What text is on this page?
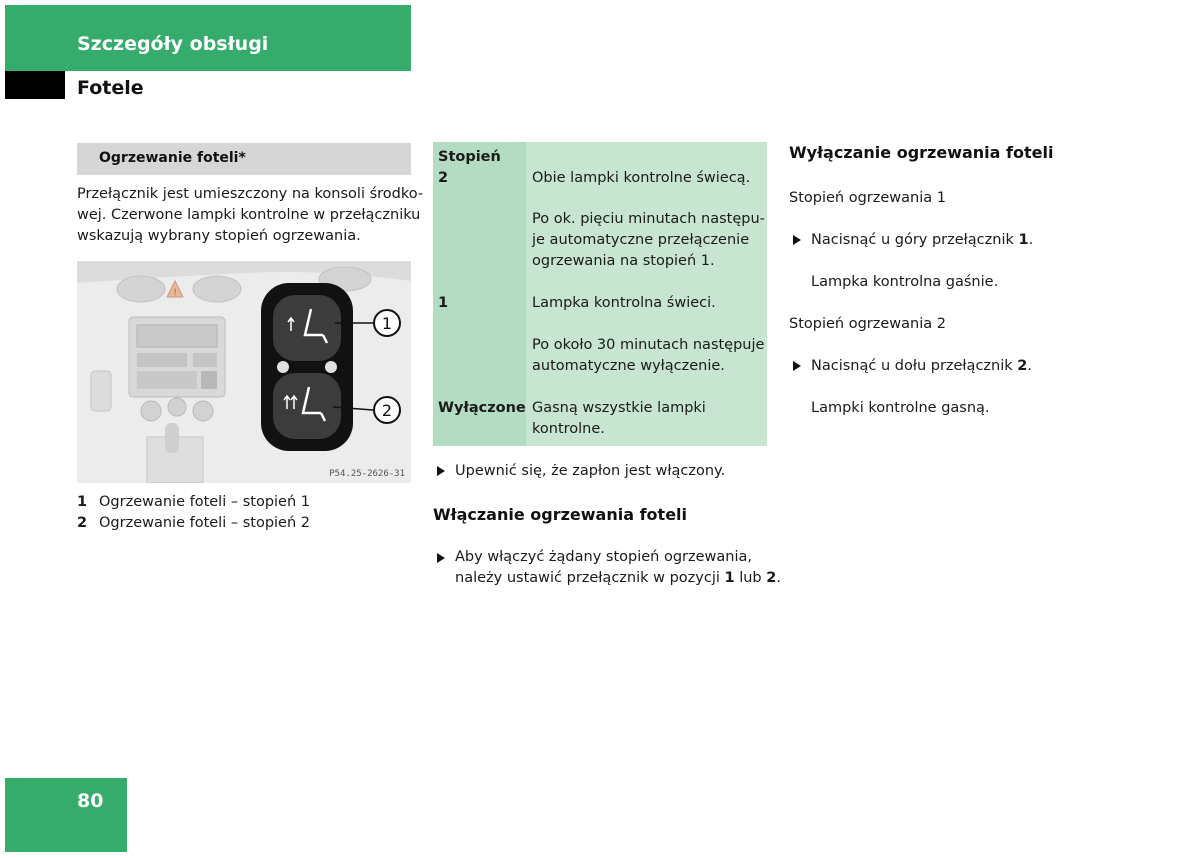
Szczegóły obsługi
Fotele
Ogrzewanie foteli*

Przełącznik jest umieszczony na konsoli środko-
wej. Czerwone lampki kontrolne w przełączniku
wskazują wybrany stopień ogrzewania.

!
1
2
P54.25-2626-31
1 Ogrzewanie foteli – stopień 1
2 Ogrzewanie foteli – stopień 2
Stopień
2	Obie lampki kontrolne świecą.
Po ok. pięciu minutach następu-
je automatyczne przełączenie
ogrzewania na stopień 1.
1	Lampka kontrolna świeci.
Po około 30 minutach następuje
automatyczne wyłączenie.
Wyłączone Gasną wszystkie lampki
kontrolne.
Upewnić się, że zapłon jest włączony.
Włączanie ogrzewania foteli
Aby włączyć żądany stopień ogrzewania,
należy ustawić przełącznik w pozycji 1 lub 2.
Wyłączanie ogrzewania foteli
Stopień ogrzewania 1
Nacisnąć u góry przełącznik 1.
Lampka kontrolna gaśnie.
Stopień ogrzewania 2
Nacisnąć u dołu przełącznik 2.
Lampki kontrolne gasną.
80
